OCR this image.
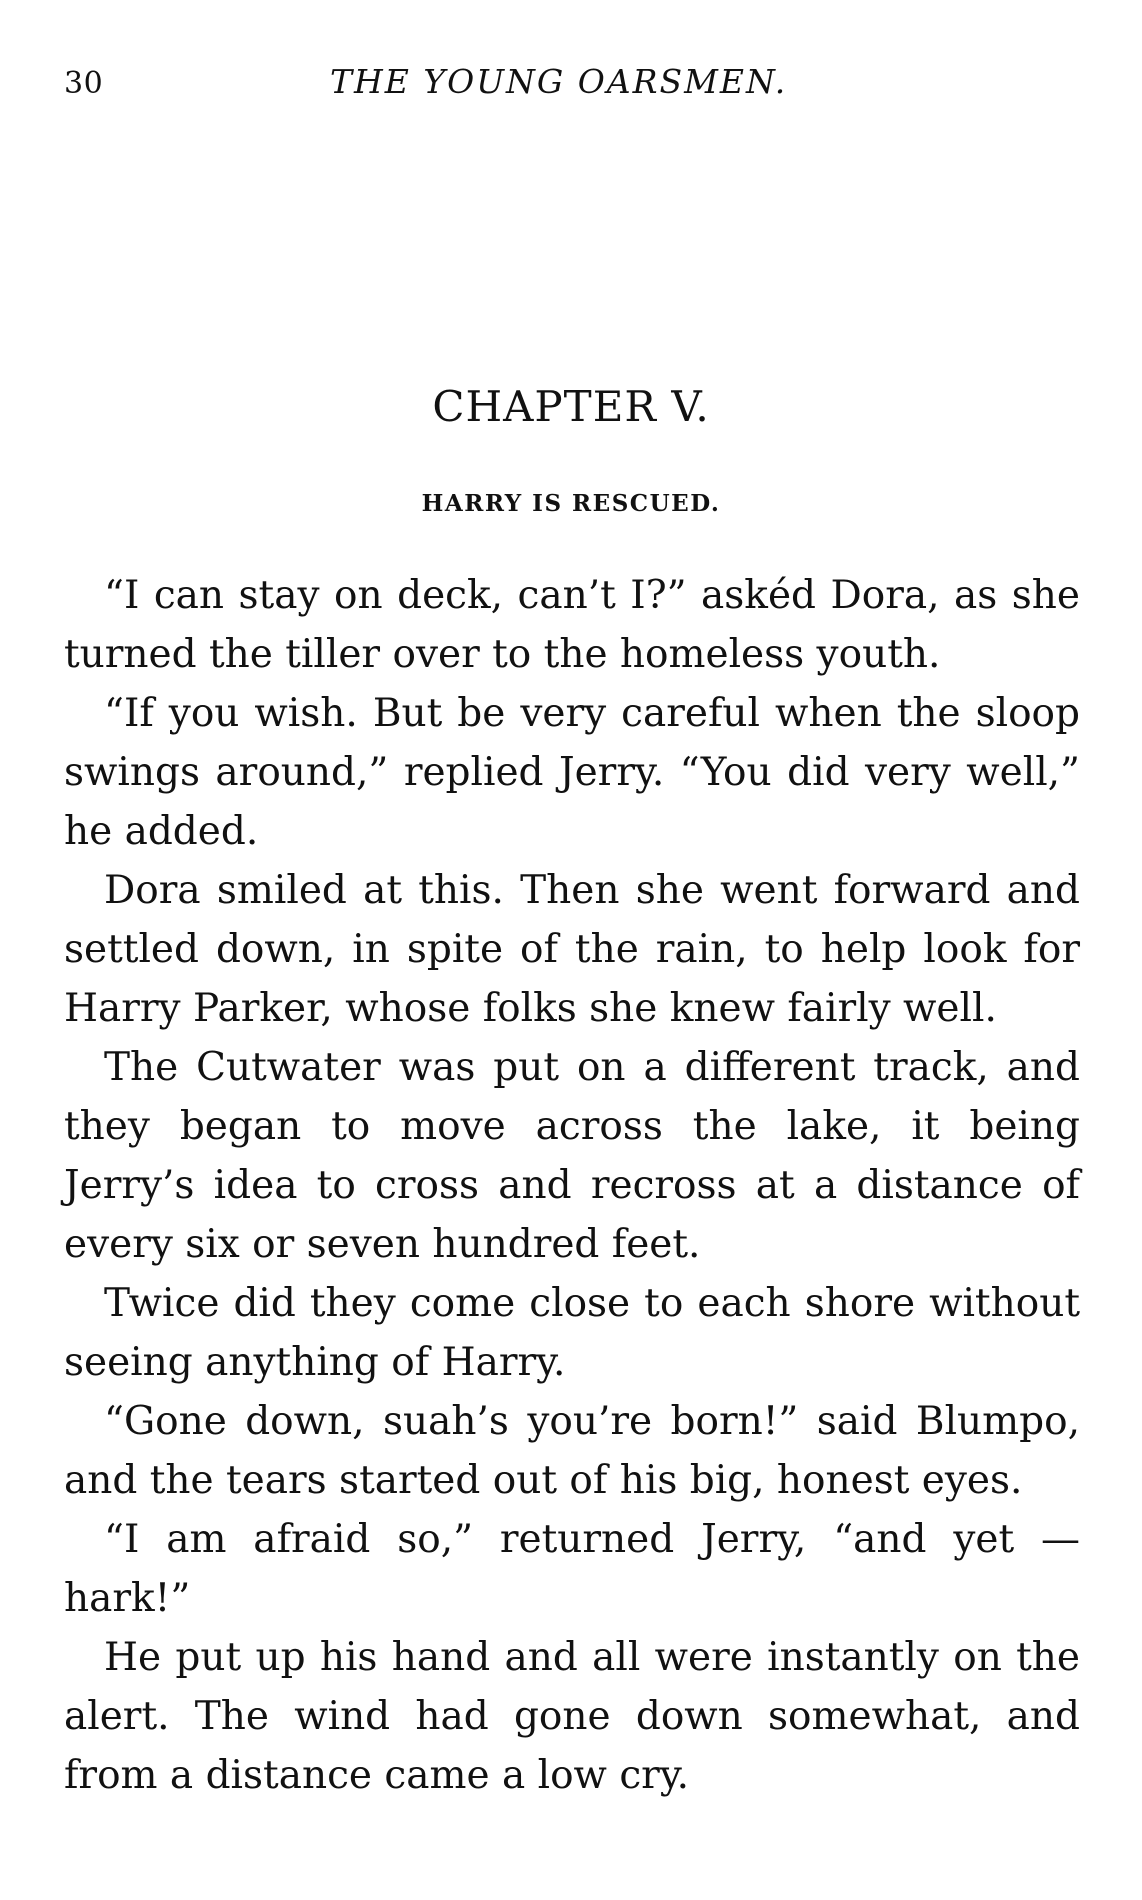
30	THE YOUNG OARSMEN.
CHAPTER V.
HARRY IS RESCUED.

“I can stay on deck, can’t I?” askéd Dora, as she turned the tiller over to the homeless youth.

“If you wish. But be very careful when the sloop swings around,” replied Jerry. “You did very well,” he added.

Dora smiled at this. Then she went forward and settled down, in spite of the rain, to help look for Harry Parker, whose folks she knew fairly well.

The Cutwater was put on a different track, and they began to move across the lake, it being Jerry’s idea to cross and recross at a distance of every six or seven hundred feet.

Twice did they come close to each shore without seeing anything of Harry.

“Gone down, suah’s you’re born!” said Blumpo, and the tears started out of his big, honest eyes.

“I am afraid so,” returned Jerry, “and yet —hark!”

He put up his hand and all were instantly on the alert. The wind had gone down somewhat, and from a distance came a low cry.
